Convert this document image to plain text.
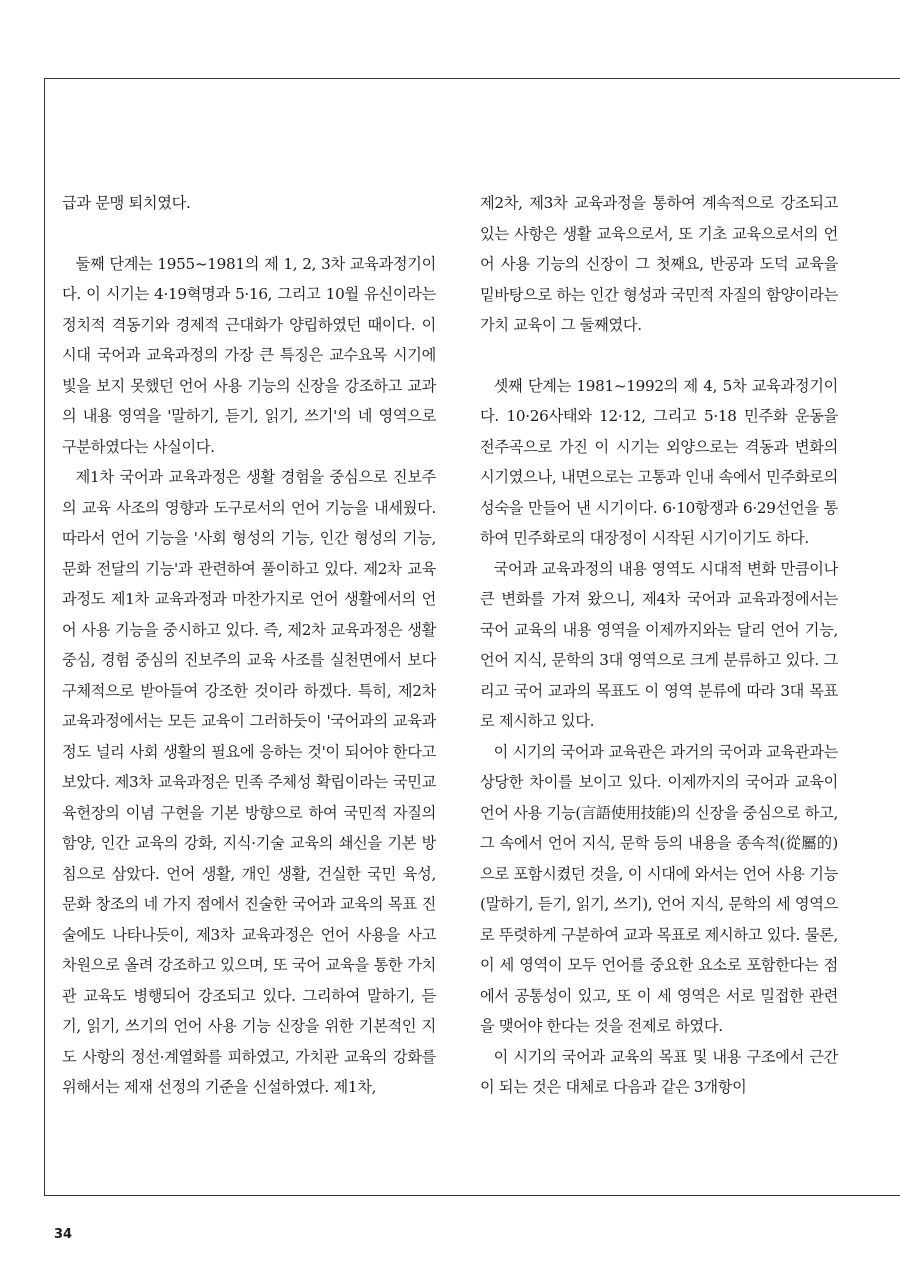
급과 문맹 퇴치였다.

둘째 단계는 1955~1981의 제 1, 2, 3차 교육과정기이다. 이 시기는 4·19혁명과 5·16, 그리고 10월 유신이라는 정치적 격동기와 경제적 근대화가 양립하였던 때이다. 이 시대 국어과 교육과정의 가장 큰 특징은 교수요목 시기에 빛을 보지 못했던 언어 사용 기능의 신장을 강조하고 교과의 내용 영역을 '말하기, 듣기, 읽기, 쓰기'의 네 영역으로 구분하였다는 사실이다.

제1차 국어과 교육과정은 생활 경험을 중심으로 진보주의 교육 사조의 영향과 도구로서의 언어 기능을 내세웠다. 따라서 언어 기능을 '사회 형성의 기능, 인간 형성의 기능, 문화 전달의 기능'과 관련하여 풀이하고 있다. 제2차 교육과정도 제1차 교육과정과 마찬가지로 언어 생활에서의 언어 사용 기능을 중시하고 있다. 즉, 제2차 교육과정은 생활 중심, 경험 중심의 진보주의 교육 사조를 실천면에서 보다 구체적으로 받아들여 강조한 것이라 하겠다. 특히, 제2차 교육과정에서는 모든 교육이 그러하듯이 '국어과의 교육과정도 널리 사회 생활의 필요에 응하는 것'이 되어야 한다고 보았다. 제3차 교육과정은 민족 주체성 확립이라는 국민교육헌장의 이념 구현을 기본 방향으로 하여 국민적 자질의 함양, 인간 교육의 강화, 지식·기술 교육의 쇄신을 기본 방침으로 삼았다. 언어 생활, 개인 생활, 건실한 국민 육성, 문화 창조의 네 가지 점에서 진술한 국어과 교육의 목표 진술에도 나타나듯이, 제3차 교육과정은 언어 사용을 사고 차원으로 올려 강조하고 있으며, 또 국어 교육을 통한 가치관 교육도 병행되어 강조되고 있다. 그리하여 말하기, 듣기, 읽기, 쓰기의 언어 사용 기능 신장을 위한 기본적인 지도 사항의 정선·계열화를 피하였고, 가치관 교육의 강화를 위해서는 제재 선정의 기준을 신설하였다. 제1차,

제2차, 제3차 교육과정을 통하여 계속적으로 강조되고 있는 사항은 생활 교육으로서, 또 기초 교육으로서의 언어 사용 기능의 신장이 그 첫째요, 반공과 도덕 교육을 밑바탕으로 하는 인간 형성과 국민적 자질의 함양이라는 가치 교육이 그 둘째였다.

셋째 단계는 1981~1992의 제 4, 5차 교육과정기이다. 10·26사태와 12·12, 그리고 5·18 민주화 운동을 전주곡으로 가진 이 시기는 외양으로는 격동과 변화의 시기였으나, 내면으로는 고통과 인내 속에서 민주화로의 성숙을 만들어 낸 시기이다. 6·10항쟁과 6·29선언을 통하여 민주화로의 대장정이 시작된 시기이기도 하다.

국어과 교육과정의 내용 영역도 시대적 변화 만큼이나 큰 변화를 가져 왔으니, 제4차 국어과 교육과정에서는 국어 교육의 내용 영역을 이제까지와는 달리 언어 기능, 언어 지식, 문학의 3대 영역으로 크게 분류하고 있다. 그리고 국어 교과의 목표도 이 영역 분류에 따라 3대 목표로 제시하고 있다.

이 시기의 국어과 교육관은 과거의 국어과 교육관과는 상당한 차이를 보이고 있다. 이제까지의 국어과 교육이 언어 사용 기능(言語使用技能)의 신장을 중심으로 하고, 그 속에서 언어 지식, 문학 등의 내용을 종속적(從屬的)으로 포함시켰던 것을, 이 시대에 와서는 언어 사용 기능(말하기, 듣기, 읽기, 쓰기), 언어 지식, 문학의 세 영역으로 뚜렷하게 구분하여 교과 목표로 제시하고 있다. 물론, 이 세 영역이 모두 언어를 중요한 요소로 포함한다는 점에서 공통성이 있고, 또 이 세 영역은 서로 밀접한 관련을 맺어야 한다는 것을 전제로 하였다.

이 시기의 국어과 교육의 목표 및 내용 구조에서 근간이 되는 것은 대체로 다음과 같은 3개항이

34
